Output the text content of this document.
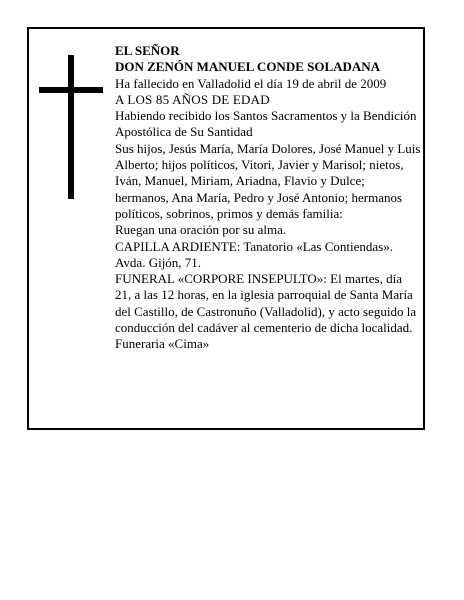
EL SEÑOR

DON ZENÓN MANUEL CONDE SOLADANA

Ha fallecido en Valladolid el día 19 de abril de 2009

A LOS 85 AÑOS DE EDAD

Habiendo recibido los Santos Sacramentos y la Bendición Apostólica de Su Santidad

Sus hijos, Jesús María, María Dolores, José Manuel y Luis Alberto; hijos políticos, Vitori, Javier y Marisol; nietos, Iván, Manuel, Miriam, Ariadna, Flavio y Dulce; hermanos, Ana María, Pedro y José Antonio; hermanos políticos, sobrinos, primos y demás familia:

Ruegan una oración por su alma.

CAPILLA ARDIENTE: Tanatorio «Las Contiendas». Avda. Gijón, 71.

FUNERAL «CORPORE INSEPULTO»: El martes, día 21, a las 12 horas, en la iglesia parroquial de Santa María del Castillo, de Castronuño (Valladolid), y acto seguido la conducción del cadáver al cementerio de dicha localidad.

Funeraria «Cima»
